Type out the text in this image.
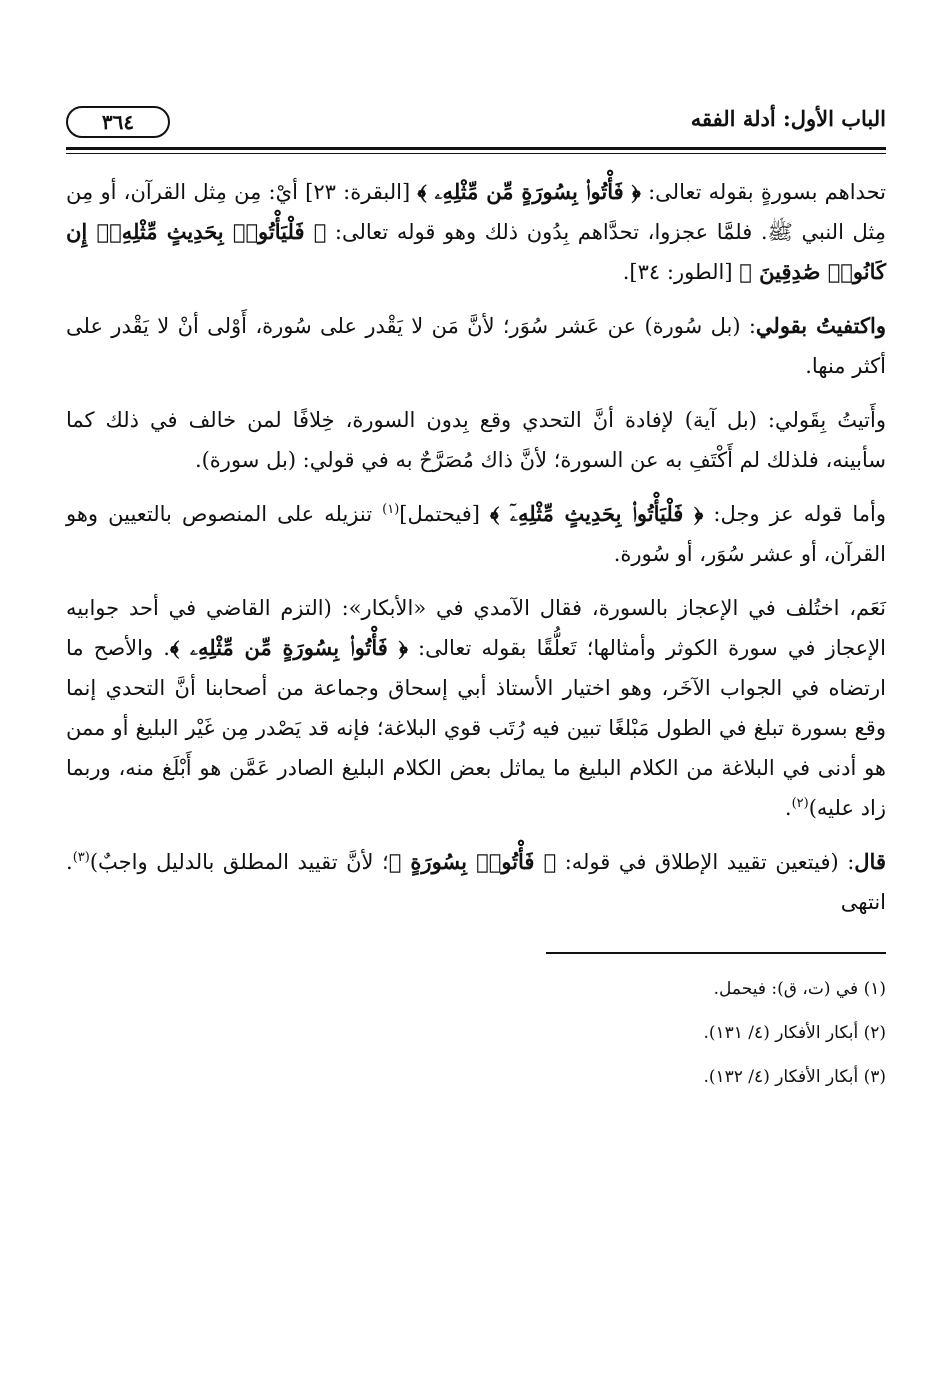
الباب الأول: أدلة الفقه
٣٦٤

تحداهم بسورةٍ بقوله تعالى: ﴿ فَأْتُوا۟ بِسُورَةٍ مِّن مِّثْلِهِۦ ﴾ [البقرة: ٢٣] أيْ: مِن مِثل القرآن، أو مِن مِثل النبي ﷺ. فلمَّا عجزوا، تحدَّاهم بِدُون ذلك وهو قوله تعالى: ﴿ فَلْيَأْتُوا۟ بِحَدِيثٍ مِّثْلِهِۦٓ إِن كَانُوا۟ صَٰدِقِينَ ﴾ [الطور: ٣٤].

واكتفيتُ بقولي: (بل سُورة) عن عَشر سُوَر؛ لأنَّ مَن لا يَقْدر على سُورة، أَوْلى أنْ لا يَقْدر على أكثر منها.

وأَتيتُ بِقَولي: (بل آية) لإفادة أنَّ التحدي وقع بِدون السورة، خِلافًا لمن خالف في ذلك كما سأبينه، فلذلك لم أَكْتَفِ به عن السورة؛ لأنَّ ذاك مُصَرَّحٌ به في قولي: (بل سورة).

وأما قوله عز وجل: ﴿ فَلْيَأْتُوا۟ بِحَدِيثٍ مِّثْلِهِۦٓ ﴾ [فيحتمل]$^{(١)}$ تنزيله على المنصوص بالتعيين وهو القرآن، أو عشر سُوَر، أو سُورة.

نَعَم، اختُلف في الإعجاز بالسورة، فقال الآمدي في «الأبكار»: (التزم القاضي في أحد جوابيه الإعجاز في سورة الكوثر وأمثالها؛ تَعلُّقًا بقوله تعالى: ﴿ فَأْتُوا۟ بِسُورَةٍ مِّن مِّثْلِهِۦ ﴾. والأصح ما ارتضاه في الجواب الآخَر، وهو اختيار الأستاذ أبي إسحاق وجماعة من أصحابنا أنَّ التحدي إنما وقع بسورة تبلغ في الطول مَبْلغًا تبين فيه رُتَب قوي البلاغة؛ فإنه قد يَصْدر مِن غَيْر البليغ أو ممن هو أدنى في البلاغة من الكلام البليغ ما يماثل بعض الكلام البليغ الصادر عَمَّن هو أَبْلَغ منه، وربما زاد عليه)$^{(٢)}$.

قال: (فيتعين تقييد الإطلاق في قوله: ﴿ فَأْتُوا۟ بِسُورَةٍ ﴾؛ لأنَّ تقييد المطلق بالدليل واجبٌ)$^{(٣)}$. انتهى

(١) في (ت، ق): فيحمل.
(٢) أبكار الأفكار (٤/ ١٣١).
(٣) أبكار الأفكار (٤/ ١٣٢).
